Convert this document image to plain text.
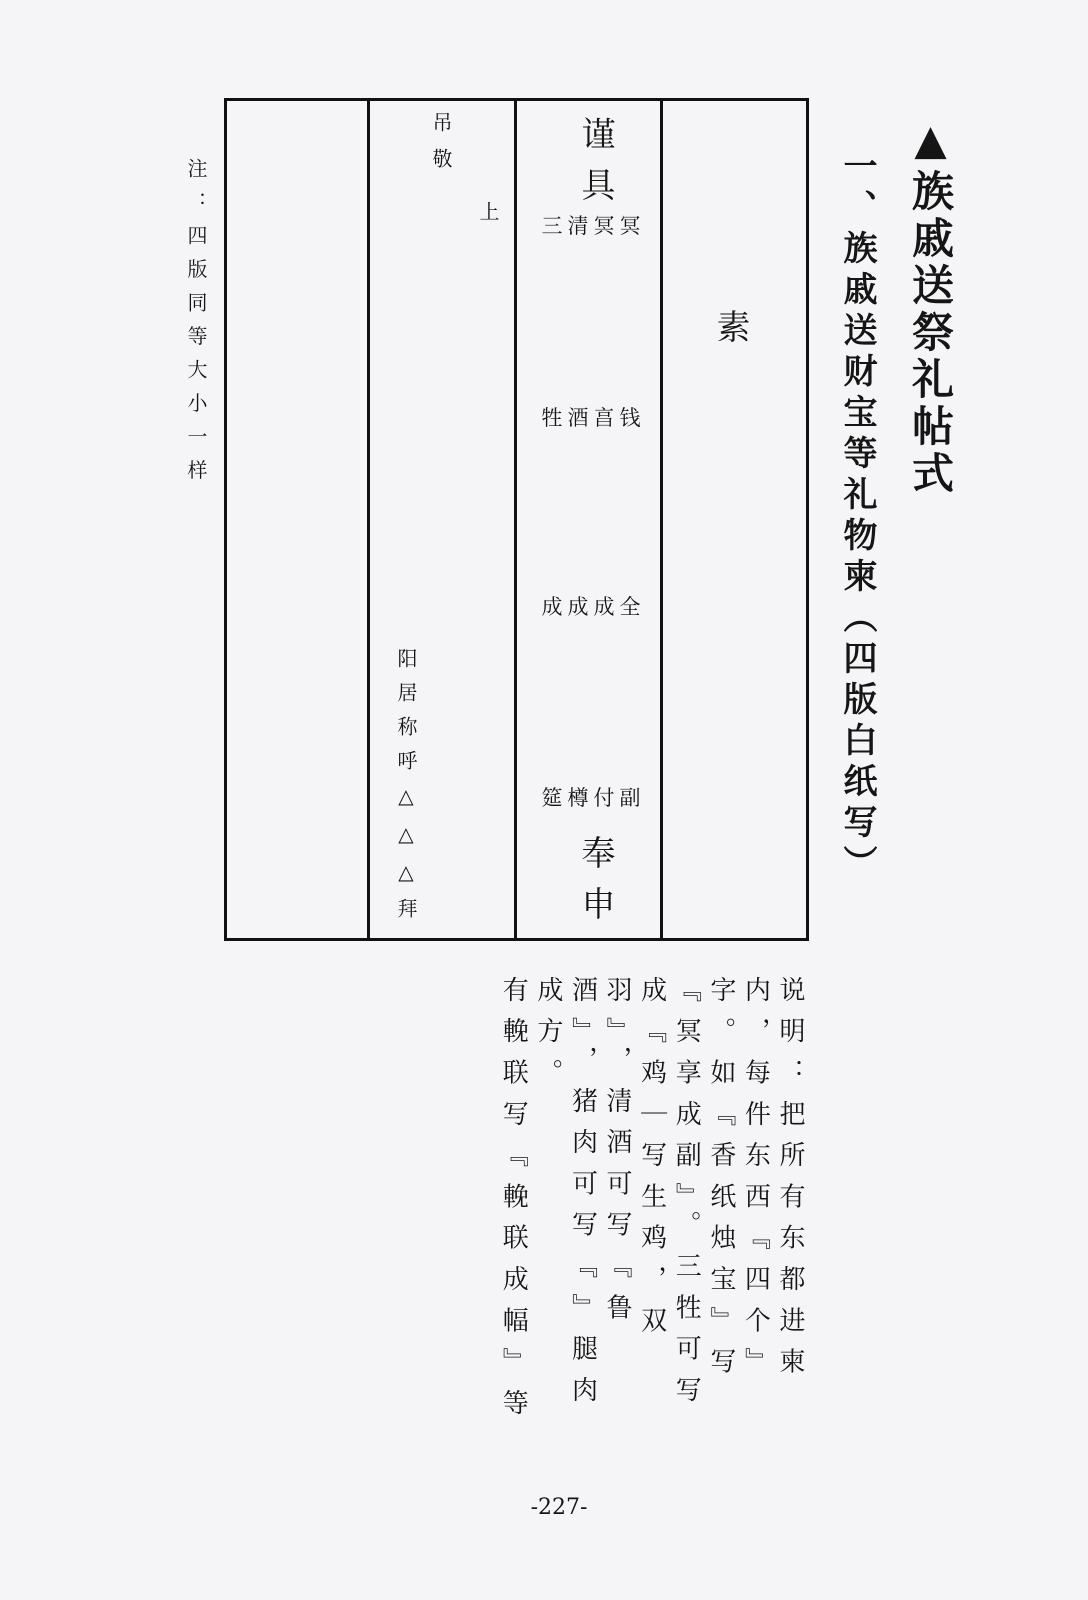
▲族戚送祭礼帖式
一、族戚送财宝等礼物柬（四版白纸写）
吊敬
上
阳居称呼△△△
拜
谨具
三清冥冥
牲酒亯钱
成成成全
筵樽付副
奉申
素
注：四版同等大小一样
说明：把所有东都进柬
内，每件东西『四个』
字。如『香纸烛宝』写
『冥享成副』。三牲可写
成『鸡｜写生鸡，双
羽』，清酒可写『鲁
酒』，猪肉可写『』腿肉
成方。
有輓联写『輓联成幅』等
-227-
